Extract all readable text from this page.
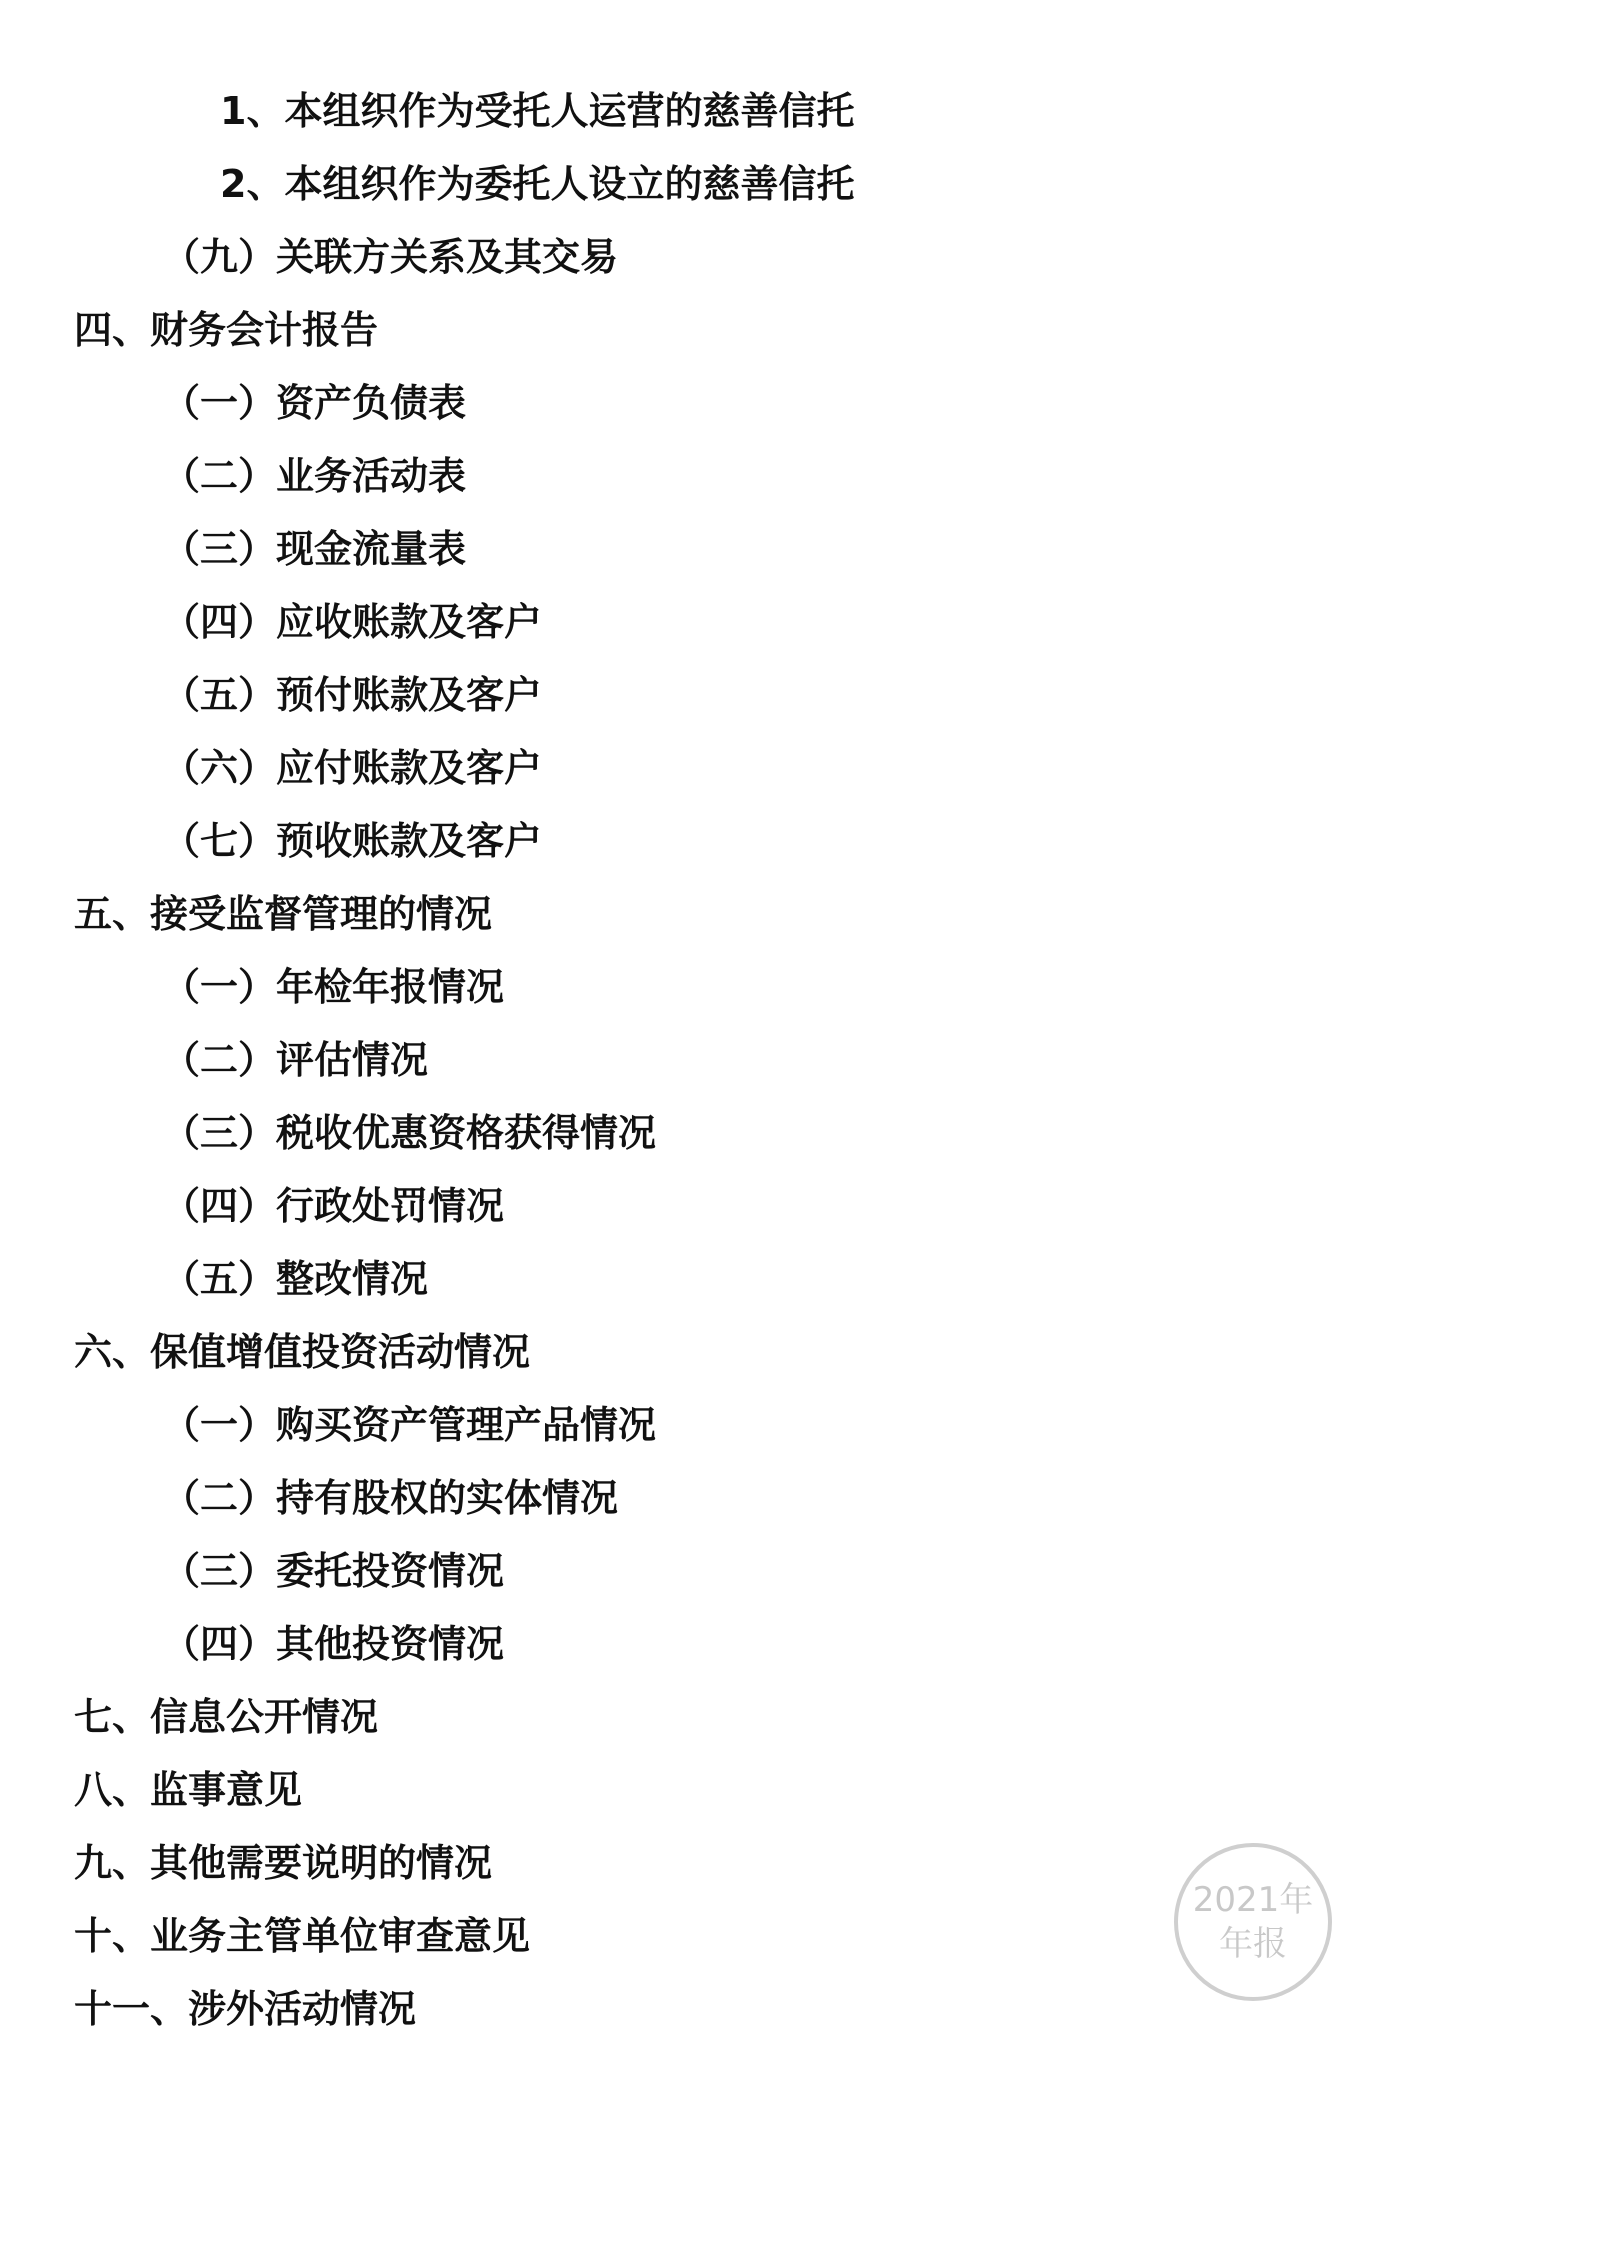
1、本组织作为受托人运营的慈善信托
2、本组织作为委托人设立的慈善信托
（九）关联方关系及其交易
四、财务会计报告
（一）资产负债表
（二）业务活动表
（三）现金流量表
（四）应收账款及客户
（五）预付账款及客户
（六）应付账款及客户
（七）预收账款及客户
五、接受监督管理的情况
（一）年检年报情况
（二）评估情况
（三）税收优惠资格获得情况
（四）行政处罚情况
（五）整改情况
六、保值增值投资活动情况
（一）购买资产管理产品情况
（二）持有股权的实体情况
（三）委托投资情况
（四）其他投资情况
七、信息公开情况
八、监事意见
九、其他需要说明的情况
十、业务主管单位审查意见
十一、涉外活动情况
2021年
年报
